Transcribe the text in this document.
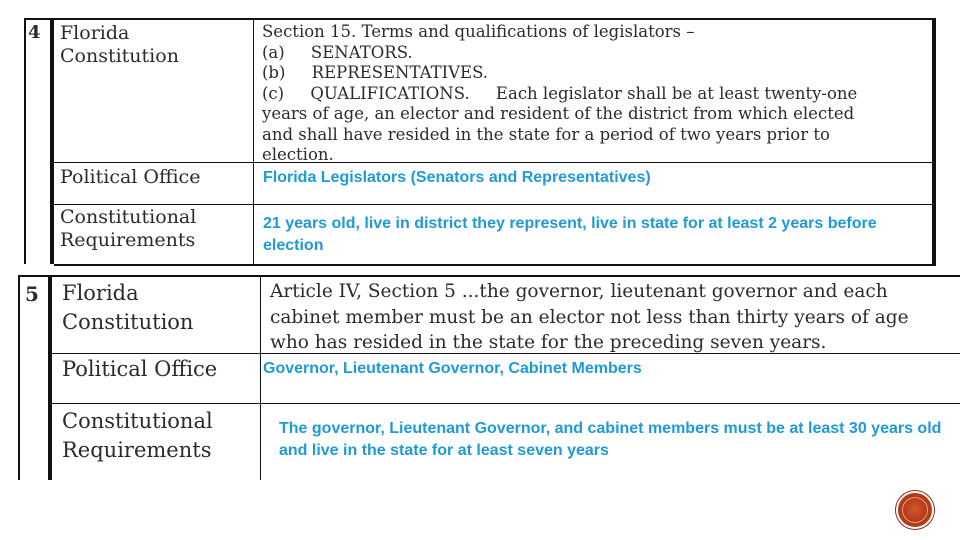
4 Florida
Constitution
Section 15. Terms and qualifications of legislators –
(a)     SENATORS.
(b)     REPRESENTATIVES.
(c)     QUALIFICATIONS.     Each legislator shall be at least twenty-one
years of age, an elector and resident of the district from which elected
and shall have resided in the state for a period of two years prior to
election.
Political Office	Florida Legislators (Senators and Representatives)
Constitutional
Requirements
21 years old, live in district they represent, live in state for at least 2 years before election
5 Florida
Constitution
Article IV, Section 5 ...the governor, lieutenant governor and each
cabinet member must be an elector not less than thirty years of age
who has resided in the state for the preceding seven years.
Political Office	Governor, Lieutenant Governor, Cabinet Members
Constitutional
Requirements
The governor, Lieutenant Governor, and cabinet members must be at least 30 years old and live in the state for at least seven years
